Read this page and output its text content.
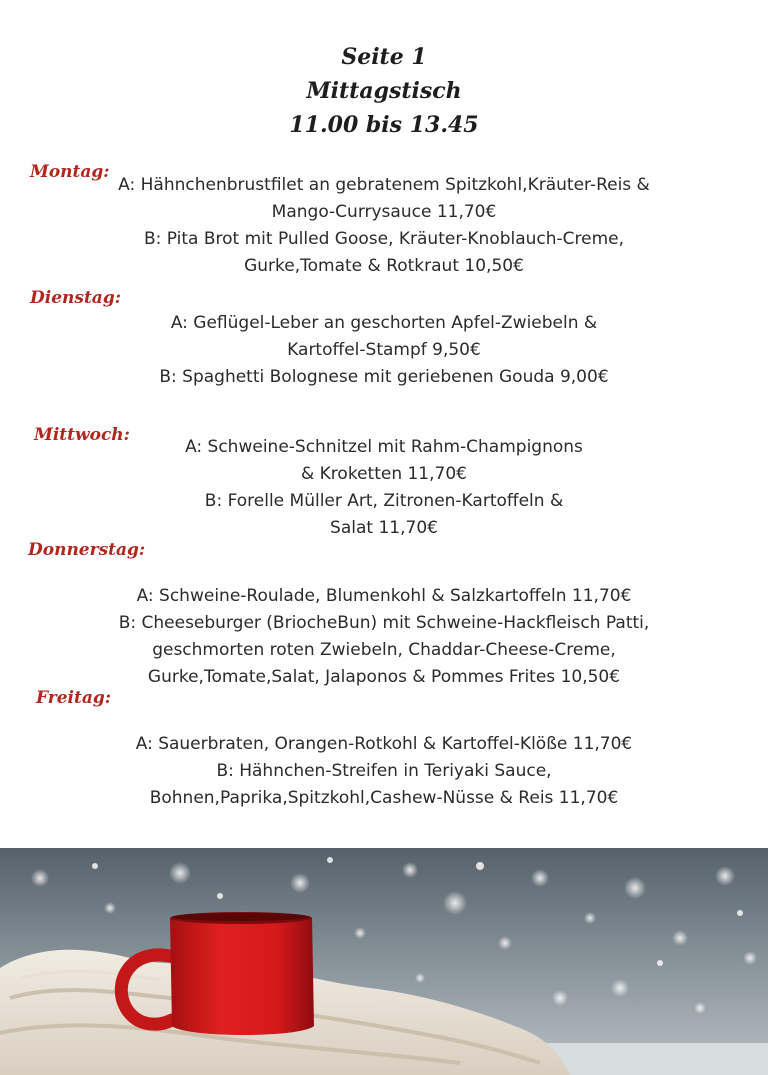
Seite 1
Mittagstisch
11.00 bis 13.45
Montag:
A: Hähnchenbrustfilet an gebratenem Spitzkohl,Kräuter-Reis &
Mango-Currysauce 11,70€
B: Pita Brot mit Pulled Goose, Kräuter-Knoblauch-Creme,
Gurke,Tomate & Rotkraut 10,50€
Dienstag:
A: Geflügel-Leber an geschorten Apfel-Zwiebeln &
Kartoffel-Stampf 9,50€
B: Spaghetti Bolognese mit geriebenen Gouda 9,00€
Mittwoch:
A: Schweine-Schnitzel mit Rahm-Champignons
& Kroketten 11,70€
B: Forelle Müller Art, Zitronen-Kartoffeln &
Salat 11,70€
Donnerstag:
A: Schweine-Roulade, Blumenkohl & Salzkartoffeln 11,70€
B: Cheeseburger (BriocheBun) mit Schweine-Hackfleisch Patti,
geschmorten roten Zwiebeln, Chaddar-Cheese-Creme,
Gurke,Tomate,Salat, Jalaponos & Pommes Frites 10,50€
Freitag:
A: Sauerbraten, Orangen-Rotkohl & Kartoffel-Klöße 11,70€
B: Hähnchen-Streifen in Teriyaki Sauce,
Bohnen,Paprika,Spitzkohl,Cashew-Nüsse & Reis 11,70€
